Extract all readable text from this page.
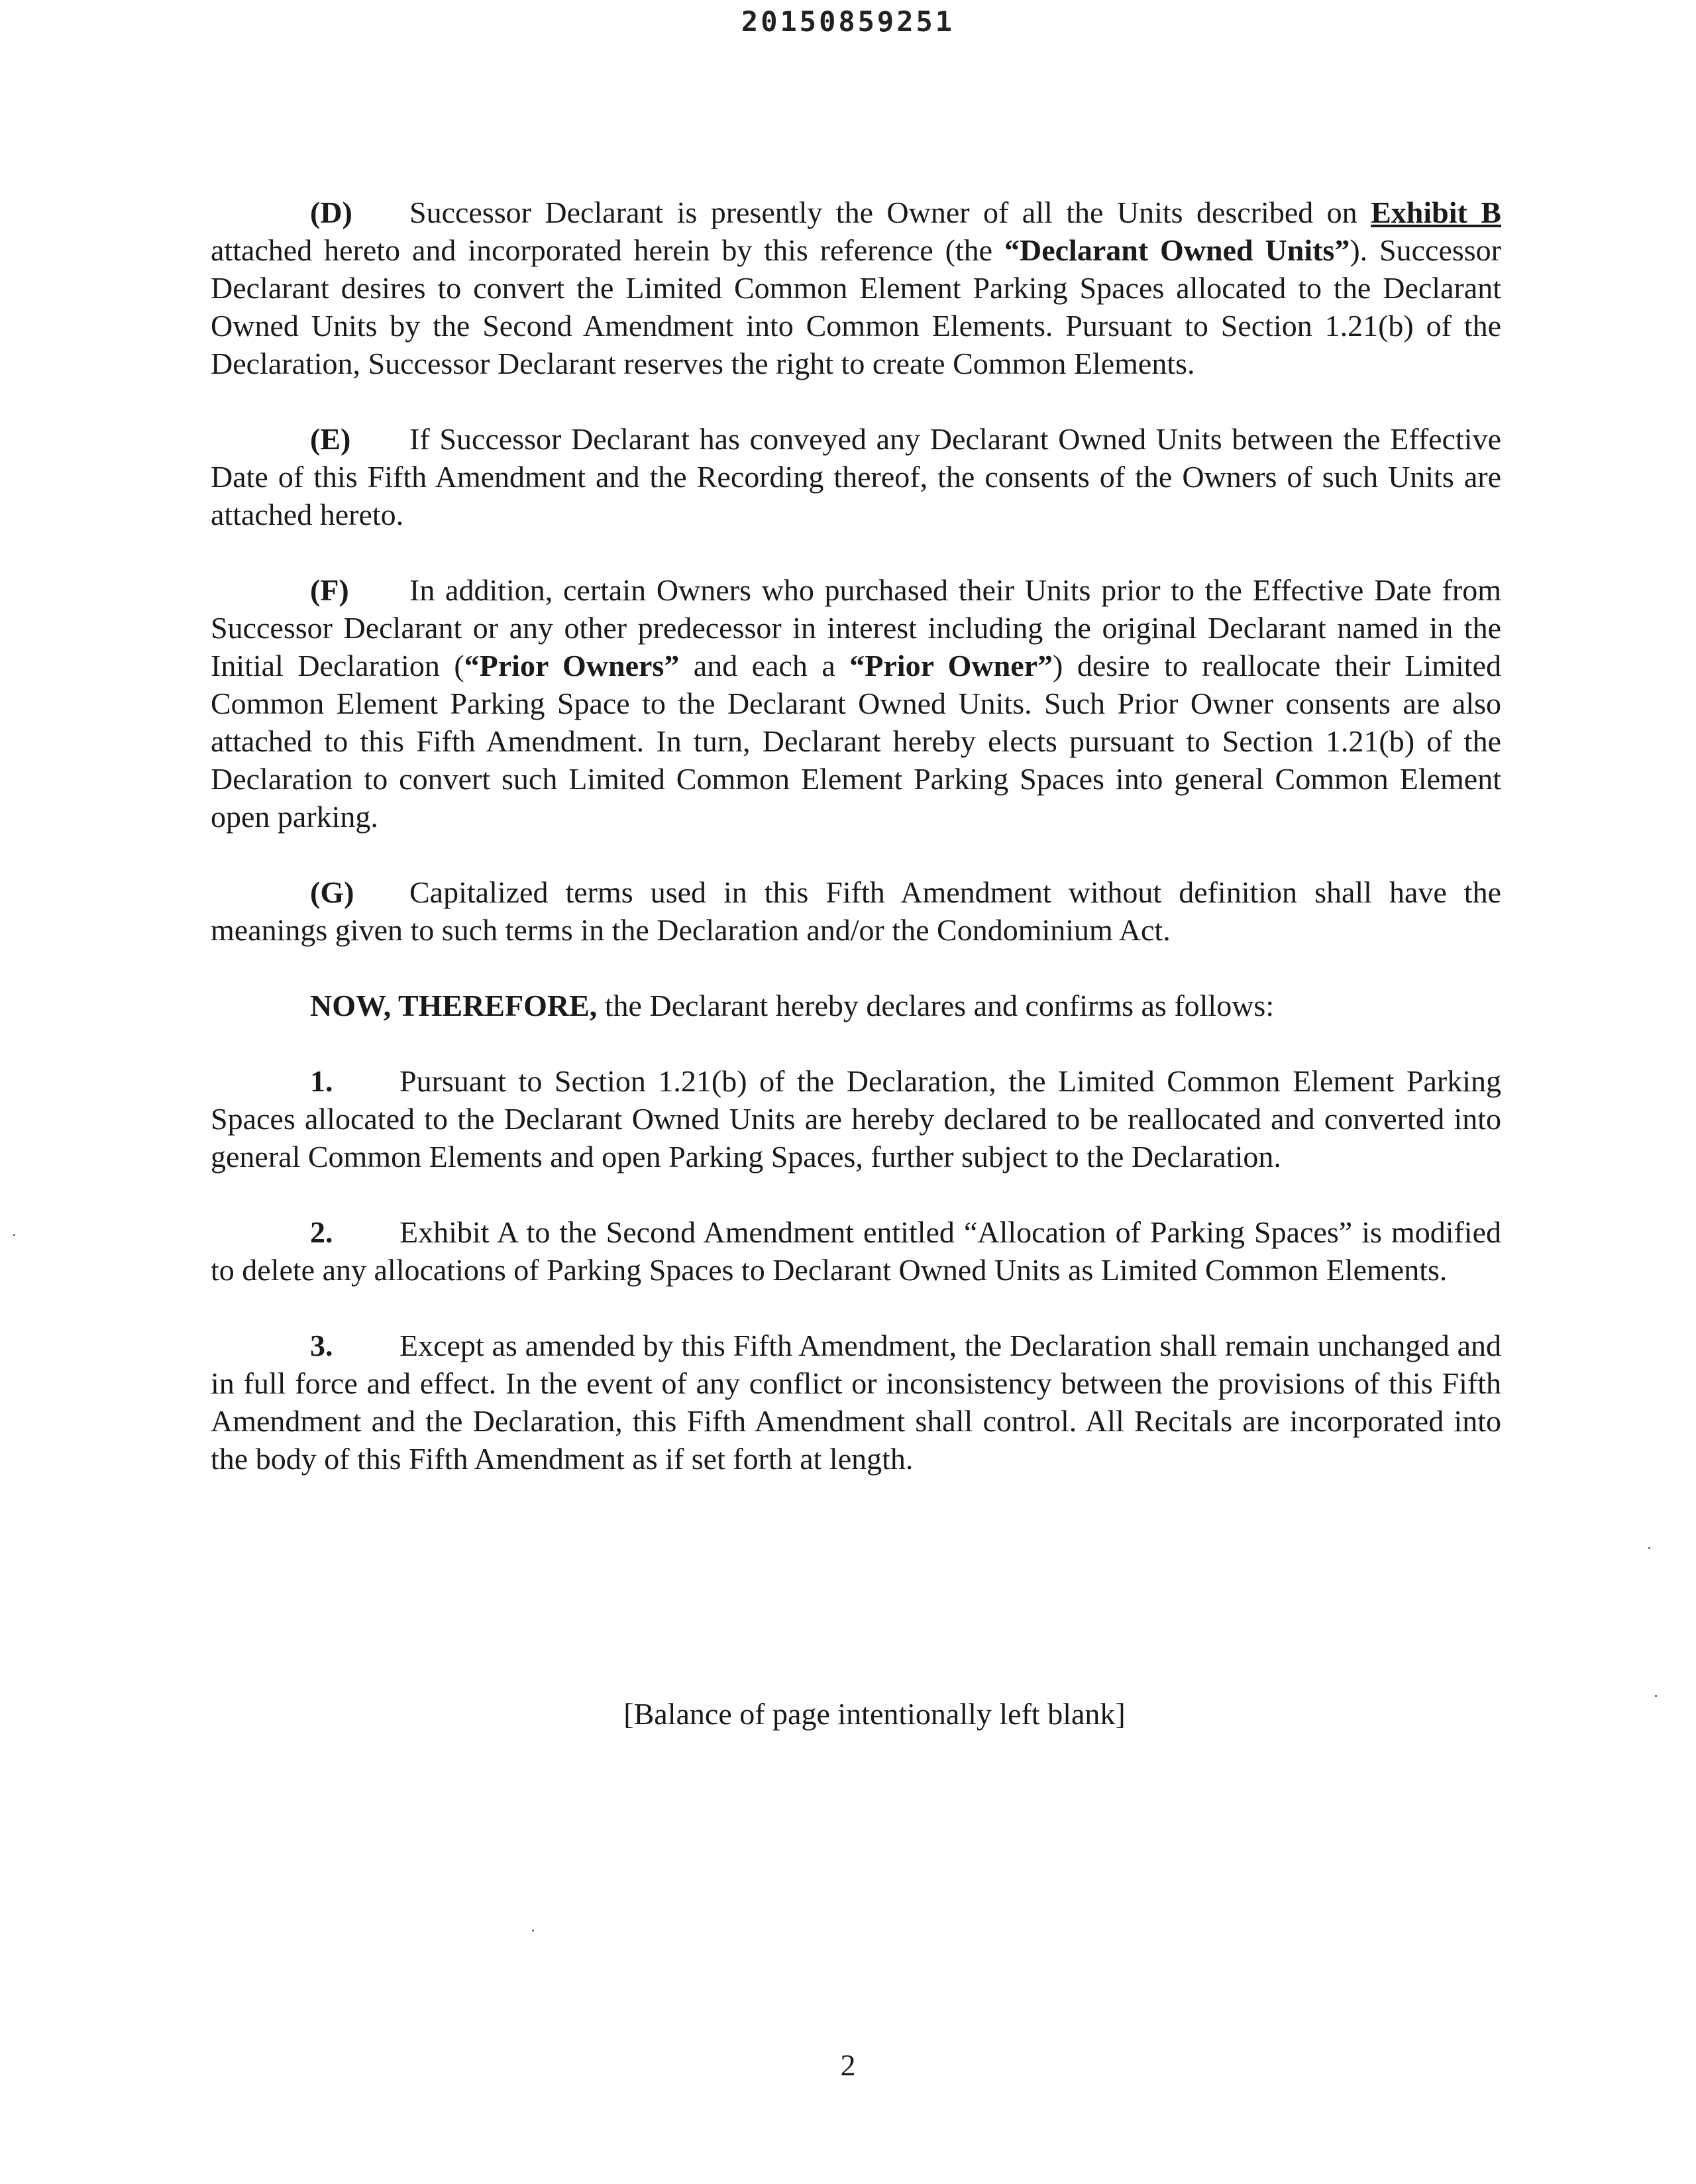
20150859251

(D) Successor Declarant is presently the Owner of all the Units described on Exhibit B attached hereto and incorporated herein by this reference (the “Declarant Owned Units”). Successor Declarant desires to convert the Limited Common Element Parking Spaces allocated to the Declarant Owned Units by the Second Amendment into Common Elements. Pursuant to Section 1.21(b) of the Declaration, Successor Declarant reserves the right to create Common Elements.

(E) If Successor Declarant has conveyed any Declarant Owned Units between the Effective Date of this Fifth Amendment and the Recording thereof, the consents of the Owners of such Units are attached hereto.

(F) In addition, certain Owners who purchased their Units prior to the Effective Date from Successor Declarant or any other predecessor in interest including the original Declarant named in the Initial Declaration (“Prior Owners” and each a “Prior Owner”) desire to reallocate their Limited Common Element Parking Space to the Declarant Owned Units. Such Prior Owner consents are also attached to this Fifth Amendment. In turn, Declarant hereby elects pursuant to Section 1.21(b) of the Declaration to convert such Limited Common Element Parking Spaces into general Common Element open parking.

(G) Capitalized terms used in this Fifth Amendment without definition shall have the meanings given to such terms in the Declaration and/or the Condominium Act.

NOW, THEREFORE, the Declarant hereby declares and confirms as follows:

1. Pursuant to Section 1.21(b) of the Declaration, the Limited Common Element Parking Spaces allocated to the Declarant Owned Units are hereby declared to be reallocated and converted into general Common Elements and open Parking Spaces, further subject to the Declaration.

2. Exhibit A to the Second Amendment entitled “Allocation of Parking Spaces” is modified to delete any allocations of Parking Spaces to Declarant Owned Units as Limited Common Elements.

3. Except as amended by this Fifth Amendment, the Declaration shall remain unchanged and in full force and effect. In the event of any conflict or inconsistency between the provisions of this Fifth Amendment and the Declaration, this Fifth Amendment shall control. All Recitals are incorporated into the body of this Fifth Amendment as if set forth at length.

[Balance of page intentionally left blank]
2
